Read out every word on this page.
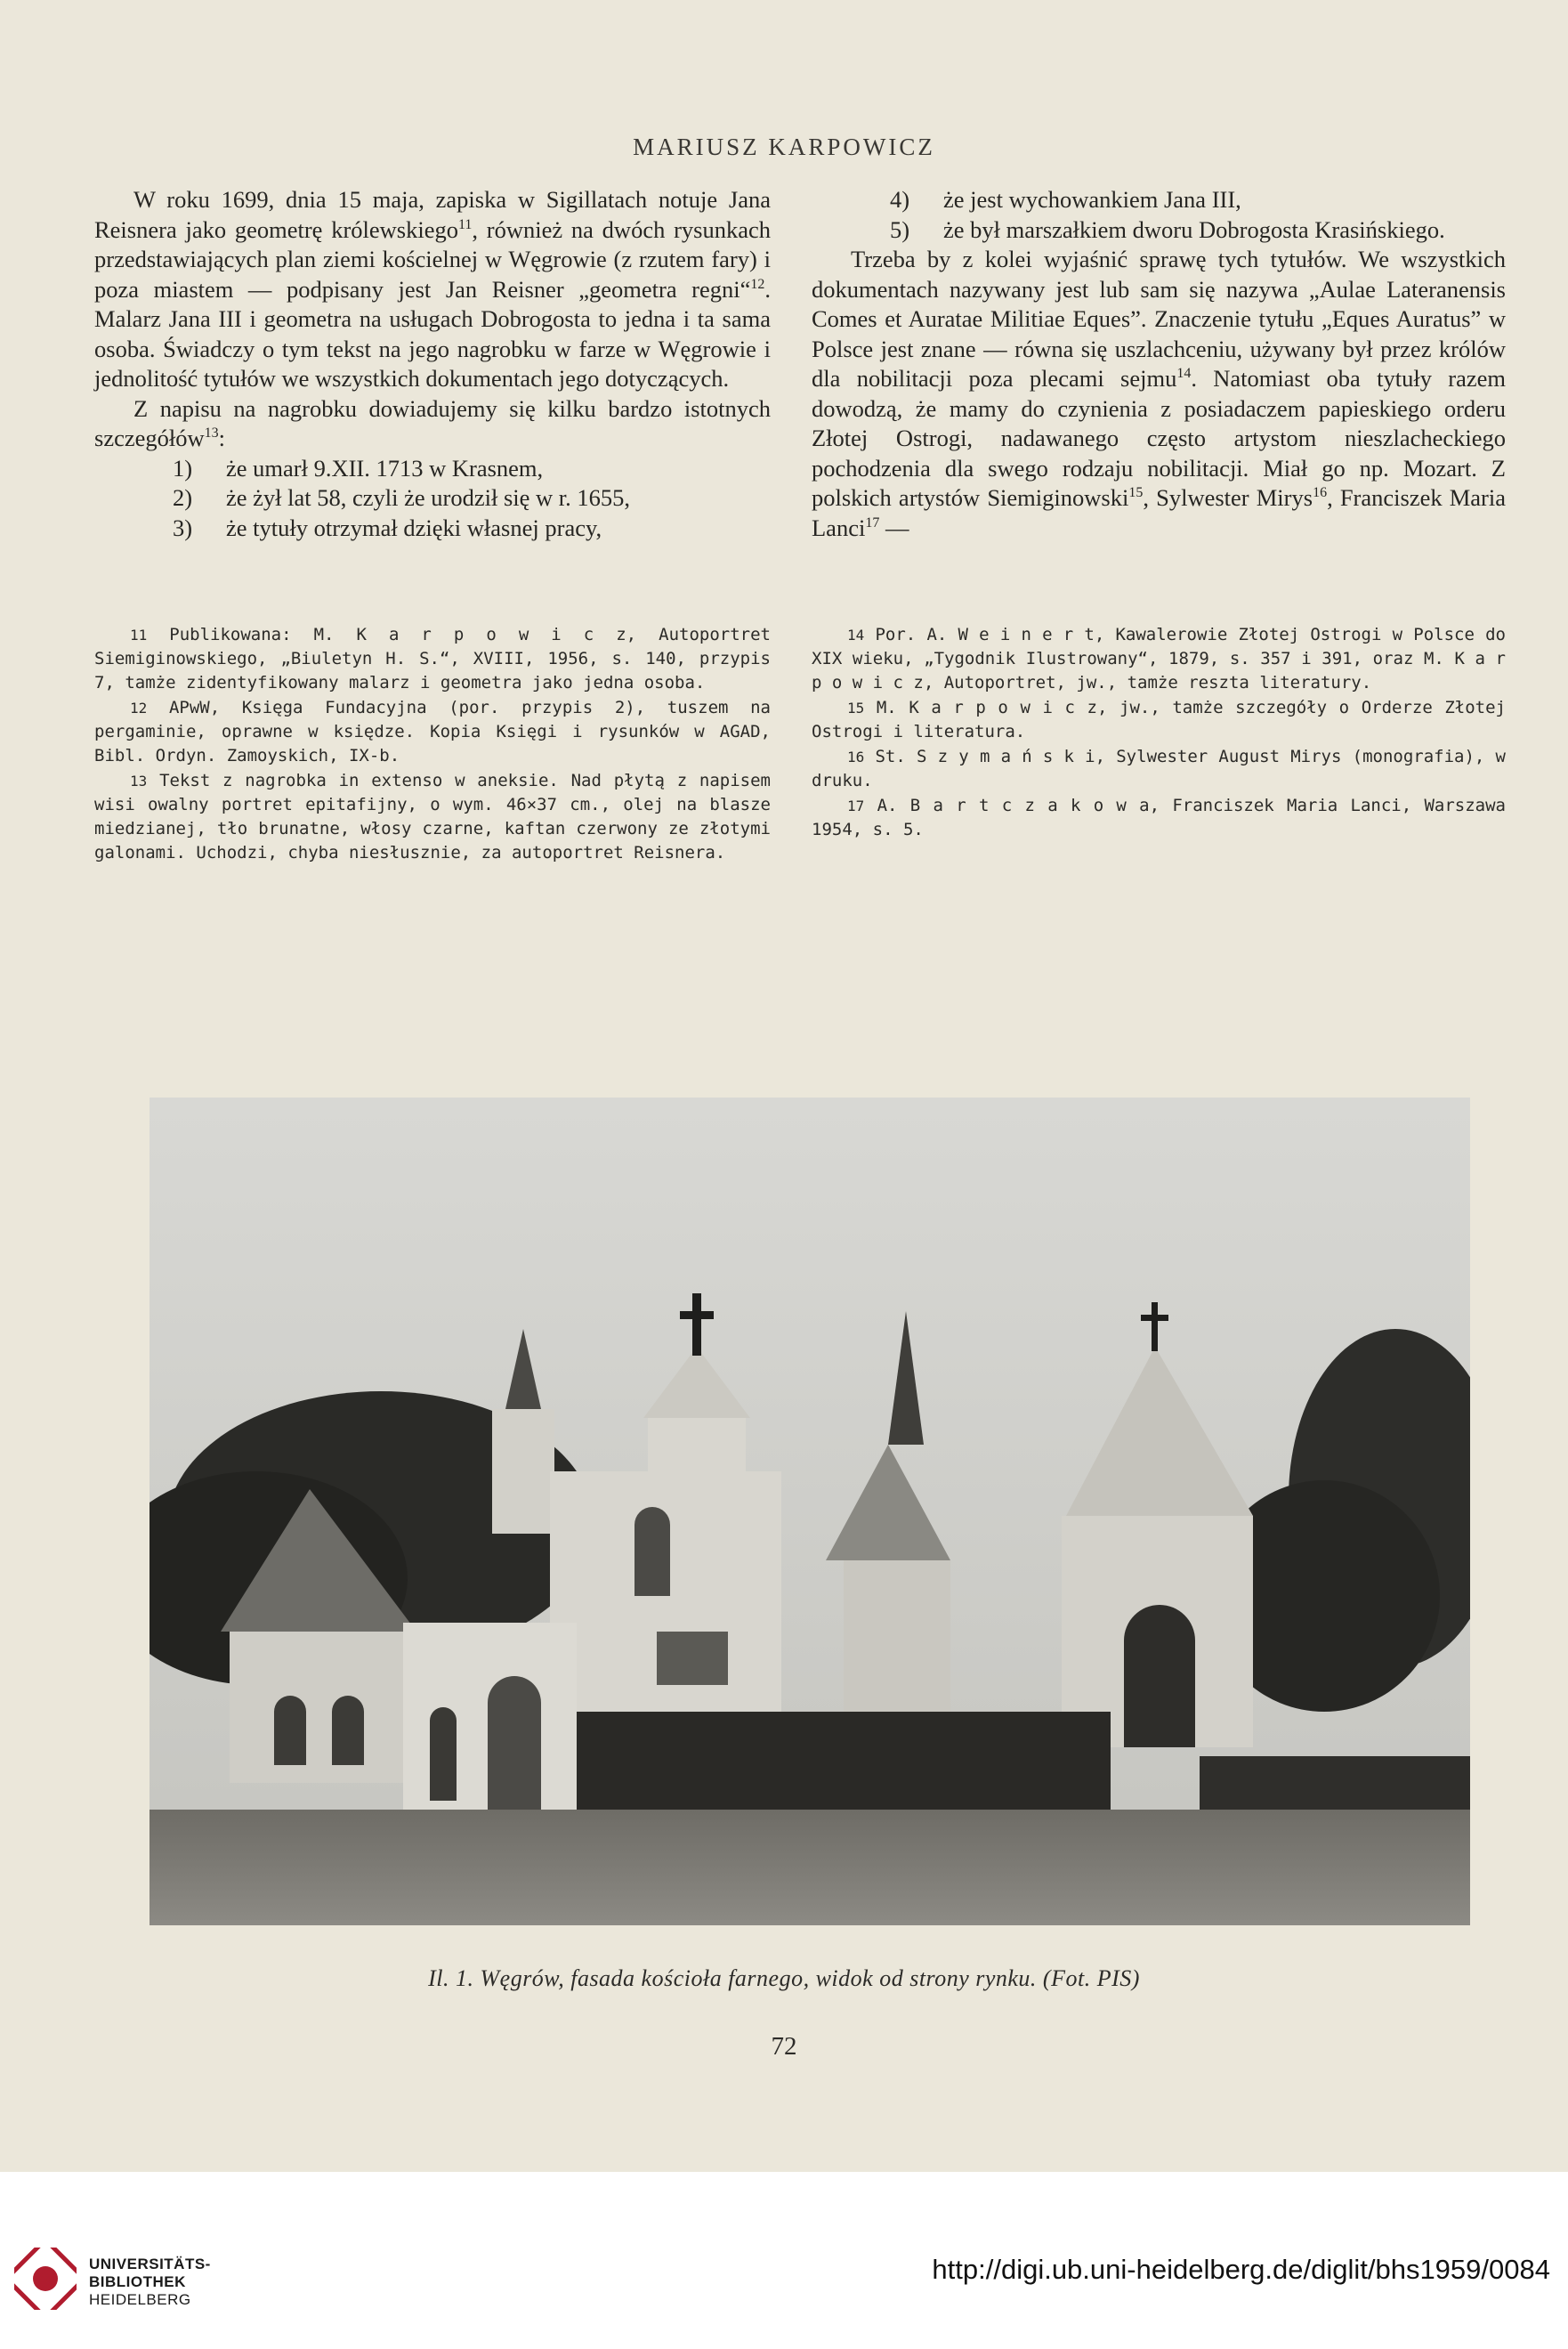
MARIUSZ KARPOWICZ

W roku 1699, dnia 15 maja, zapiska w Sigillatach notuje Jana Reisnera jako geometrę królewskiego$^{11}$, również na dwóch rysunkach przedstawiających plan ziemi kościelnej w Węgrowie (z rzutem fary) i poza miastem — podpisany jest Jan Reisner „geometra regni“$^{12}$. Malarz Jana III i geometra na usługach Dobrogosta to jedna i ta sama osoba. Świadczy o tym tekst na jego nagrobku w farze w Węgrowie i jednolitość tytułów we wszystkich dokumentach jego dotyczących.

Z napisu na nagrobku dowiadujemy się kilku bardzo istotnych szczegółów$^{13}$:

1)	że umarł 9.XII. 1713 w Krasnem,

2)	że żył lat 58, czyli że urodził się w r. 1655,

3)	że tytuły otrzymał dzięki własnej pracy,

4)	że jest wychowankiem Jana III,

5)	że był marszałkiem dworu Dobrogosta Krasińskiego.

Trzeba by z kolei wyjaśnić sprawę tych tytułów. We wszystkich dokumentach nazywany jest lub sam się nazywa „Aulae Lateranensis Comes et Auratae Militiae Eques”. Znaczenie tytułu „Eques Auratus” w Polsce jest znane — równa się uszlachceniu, używany był przez królów dla nobilitacji poza plecami sejmu$^{14}$. Natomiast oba tytuły razem dowodzą, że mamy do czynienia z posiadaczem papieskiego orderu Złotej Ostrogi, nadawanego często artystom nieszlacheckiego pochodzenia dla swego rodzaju nobilitacji. Miał go np. Mozart. Z polskich artystów Siemiginowski$^{15}$, Sylwester Mirys$^{16}$, Franciszek Maria Lanci$^{17}$ —

11 Publikowana: M. K a r p o w i c z, Autoportret Siemiginowskiego, „Biuletyn H. S.“, XVIII, 1956, s. 140, przypis 7, tamże zidentyfikowany malarz i geometra jako jedna osoba.

12 APwW, Księga Fundacyjna (por. przypis 2), tuszem na pergaminie, oprawne w księdze. Kopia Księgi i rysunków w AGAD, Bibl. Ordyn. Zamoyskich, IX-b.

13 Tekst z nagrobka in extenso w aneksie. Nad płytą z napisem wisi owalny portret epitafijny, o wym. 46×37 cm., olej na blasze miedzianej, tło brunatne, włosy czarne, kaftan czerwony ze złotymi galonami. Uchodzi, chyba niesłusznie, za autoportret Reisnera.

14 Por. A. W e i n e r t, Kawalerowie Złotej Ostrogi w Polsce do XIX wieku, „Tygodnik Ilustrowany“, 1879, s. 357 i 391, oraz M. K a r p o w i c z, Autoportret, jw., tamże reszta literatury.

15 M. K a r p o w i c z, jw., tamże szczegóły o Orderze Złotej Ostrogi i literatura.

16 St. S z y m a ń s k i, Sylwester August Mirys (monografia), w druku.

17 A. B a r t c z a k o w a, Franciszek Maria Lanci, Warszawa 1954, s. 5.

Il. 1. Węgrów, fasada kościoła farnego, widok od strony rynku. (Fot. PIS)
72
UNIVERSITÄTS-
BIBLIOTHEK
HEIDELBERG
http://digi.ub.uni-heidelberg.de/diglit/bhs1959/0084
